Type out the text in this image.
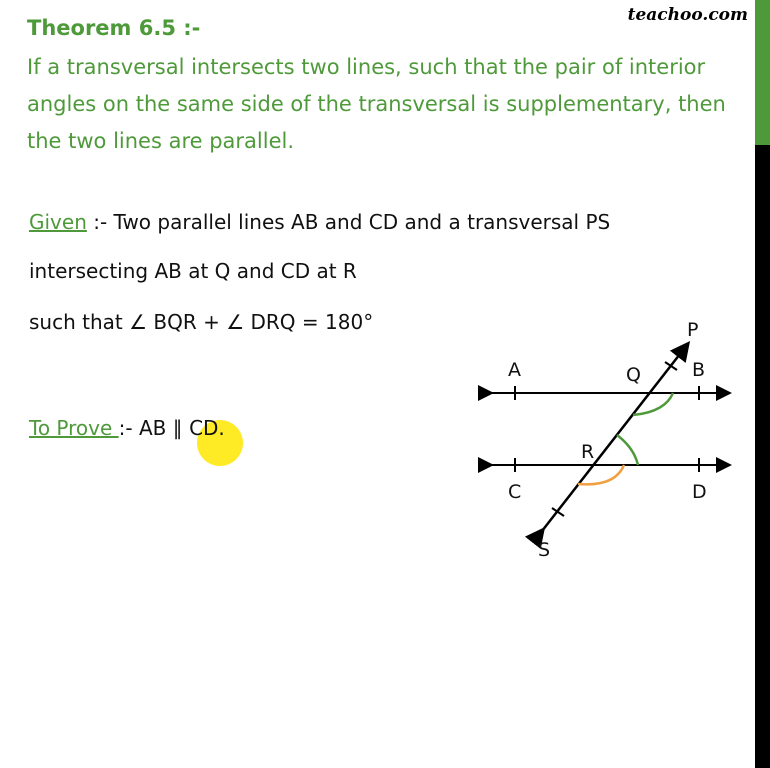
teachoo.com
Theorem 6.5 :-
If a transversal intersects two lines, such that the pair of interior
angles on the same side of the transversal is supplementary, then
the two lines are parallel.
Given :- Two parallel lines AB and CD and a transversal PS
intersecting AB at Q and CD at R
such that ∠ BQR + ∠ DRQ = 180°
To Prove :- AB ∥ CD.
A	B
C	D
P
Q
R
S
